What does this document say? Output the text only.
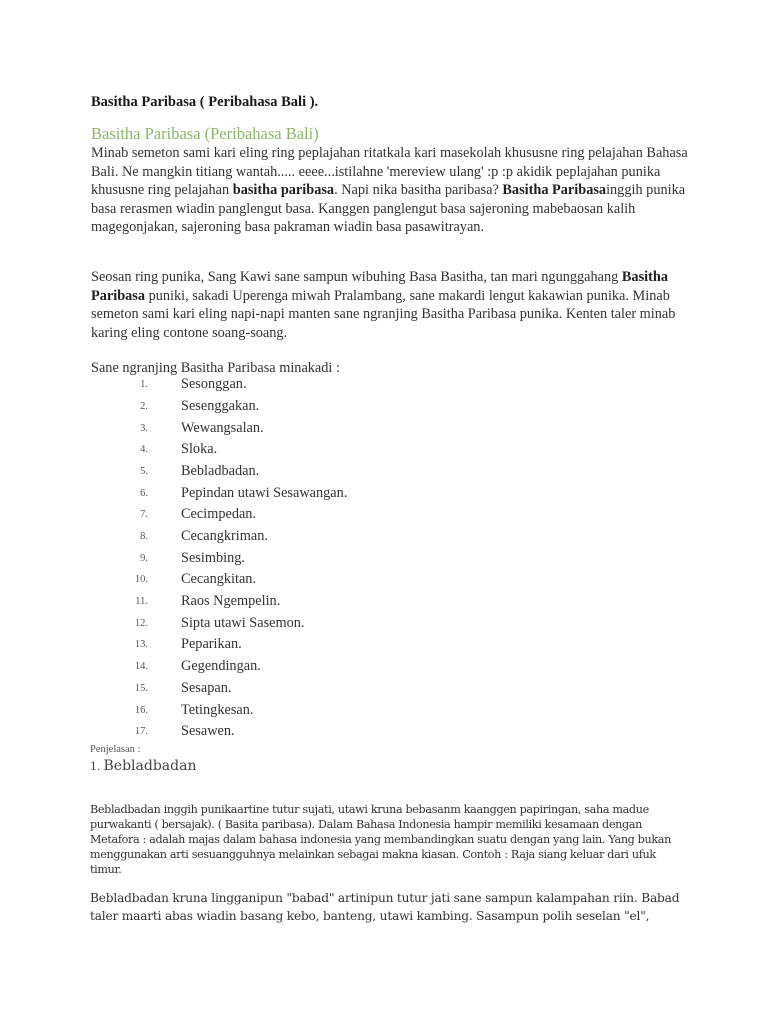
Basitha Paribasa ( Peribahasa Bali ).
Basitha Paribasa (Peribahasa Bali)
Minab semeton sami kari eling ring peplajahan ritatkala kari masekolah khususne ring pelajahan Bahasa Bali. Ne mangkin titiang wantah..... eeee...istilahne 'mereview ulang' :p :p akidik peplajahan punika khususne ring pelajahan basitha paribasa. Napi nika basitha paribasa? Basitha Paribasainggih punika basa rerasmen wiadin panglengut basa. Kanggen panglengut basa sajeroning mabebaosan kalih magegonjakan, sajeroning basa pakraman wiadin basa pasawitrayan.
Seosan ring punika, Sang Kawi sane sampun wibuhing Basa Basitha, tan mari ngunggahang Basitha Paribasa puniki, sakadi Uperenga miwah Pralambang, sane makardi lengut kakawian punika. Minab semeton sami kari eling napi-napi manten sane ngranjing Basitha Paribasa punika. Kenten taler minab karing eling contone soang-soang.
Sane ngranjing Basitha Paribasa minakadi :
1. Sesonggan.
2. Sesenggakan.
3. Wewangsalan.
4. Sloka.
5. Bebladbadan.
6. Pepindan utawi Sesawangan.
7. Cecimpedan.
8. Cecangkriman.
9. Sesimbing.
10. Cecangkitan.
11. Raos Ngempelin.
12. Sipta utawi Sasemon.
13. Peparikan.
14. Gegendingan.
15. Sesapan.
16. Tetingkesan.
17. Sesawen.
Penjelasan :
1. Bebladbadan
Bebladbadan inggih punikaartine tutur sujati, utawi kruna bebasanm kaanggen papiringan, saha madue purwakanti ( bersajak). ( Basita paribasa). Dalam Bahasa Indonesia hampir memiliki kesamaan dengan Metafora : adalah majas dalam bahasa indonesia yang membandingkan suatu dengan yang lain. Yang bukan menggunakan arti sesuangguhnya melainkan sebagai makna kiasan. Contoh : Raja siang keluar dari ufuk timur.
Bebladbadan kruna lingganipun "babad" artinipun tutur jati sane sampun kalampahan riin. Babad taler maarti abas wiadin basang kebo, banteng, utawi kambing. Sasampun polih seselan "el",
